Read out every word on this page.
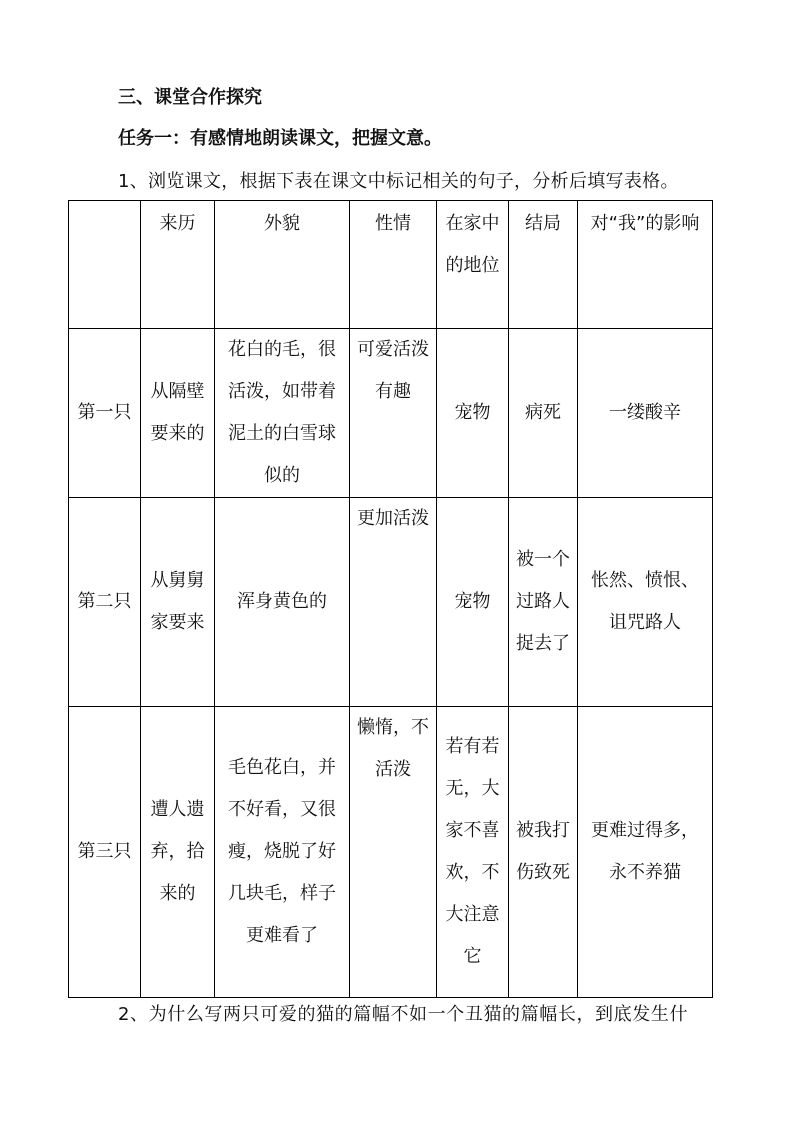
三、课堂合作探究
任务一：有感情地朗读课文，把握文意。
1、浏览课文，根据下表在课文中标记相关的句子，分析后填写表格。
	来历	外貌	性情	在家中的地位	结局	对“我”的影响
第一只	从隔壁要来的	花白的毛，很活泼，如带着泥土的白雪球似的	可爱活泼有趣	宠物	病死	一缕酸辛
第二只	从舅舅家要来	浑身黄色的	更加活泼	宠物	被一个过路人捉去了	怅然、愤恨、诅咒路人
第三只	遭人遗弃，拾来的	毛色花白，并不好看，又很瘦，烧脱了好几块毛，样子更难看了	懒惰，不活泼	若有若无，大家不喜欢，不大注意它	被我打伤致死	更难过得多，永不养猫
2、为什么写两只可爱的猫的篇幅不如一个丑猫的篇幅长，到底发生什
